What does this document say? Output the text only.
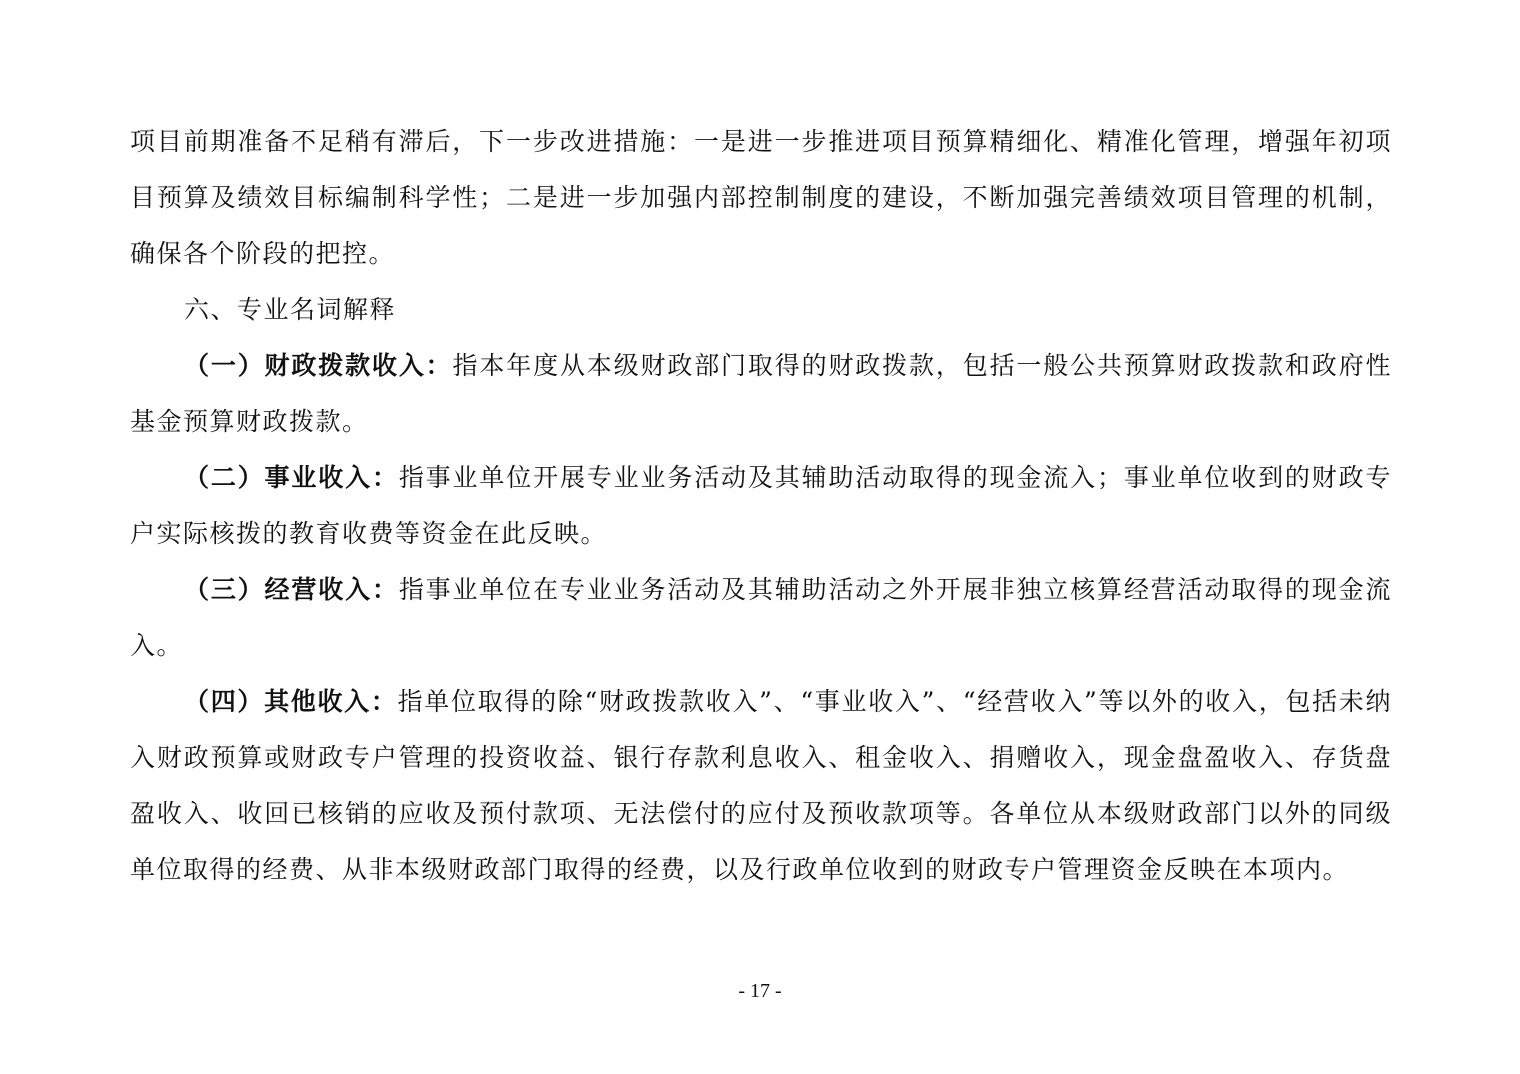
项目前期准备不足稍有滞后，下一步改进措施：一是进一步推进项目预算精细化、精准化管理，增强年初项目预算及绩效目标编制科学性；二是进一步加强内部控制制度的建设，不断加强完善绩效项目管理的机制，确保各个阶段的把控。

六、专业名词解释

（一）财政拨款收入：指本年度从本级财政部门取得的财政拨款，包括一般公共预算财政拨款和政府性基金预算财政拨款。

（二）事业收入：指事业单位开展专业业务活动及其辅助活动取得的现金流入；事业单位收到的财政专户实际核拨的教育收费等资金在此反映。

（三）经营收入：指事业单位在专业业务活动及其辅助活动之外开展非独立核算经营活动取得的现金流入。

（四）其他收入：指单位取得的除“财政拨款收入”、“事业收入”、“经营收入”等以外的收入，包括未纳入财政预算或财政专户管理的投资收益、银行存款利息收入、租金收入、捐赠收入，现金盘盈收入、存货盘盈收入、收回已核销的应收及预付款项、无法偿付的应付及预收款项等。各单位从本级财政部门以外的同级单位取得的经费、从非本级财政部门取得的经费，以及行政单位收到的财政专户管理资金反映在本项内。

- 17 -
